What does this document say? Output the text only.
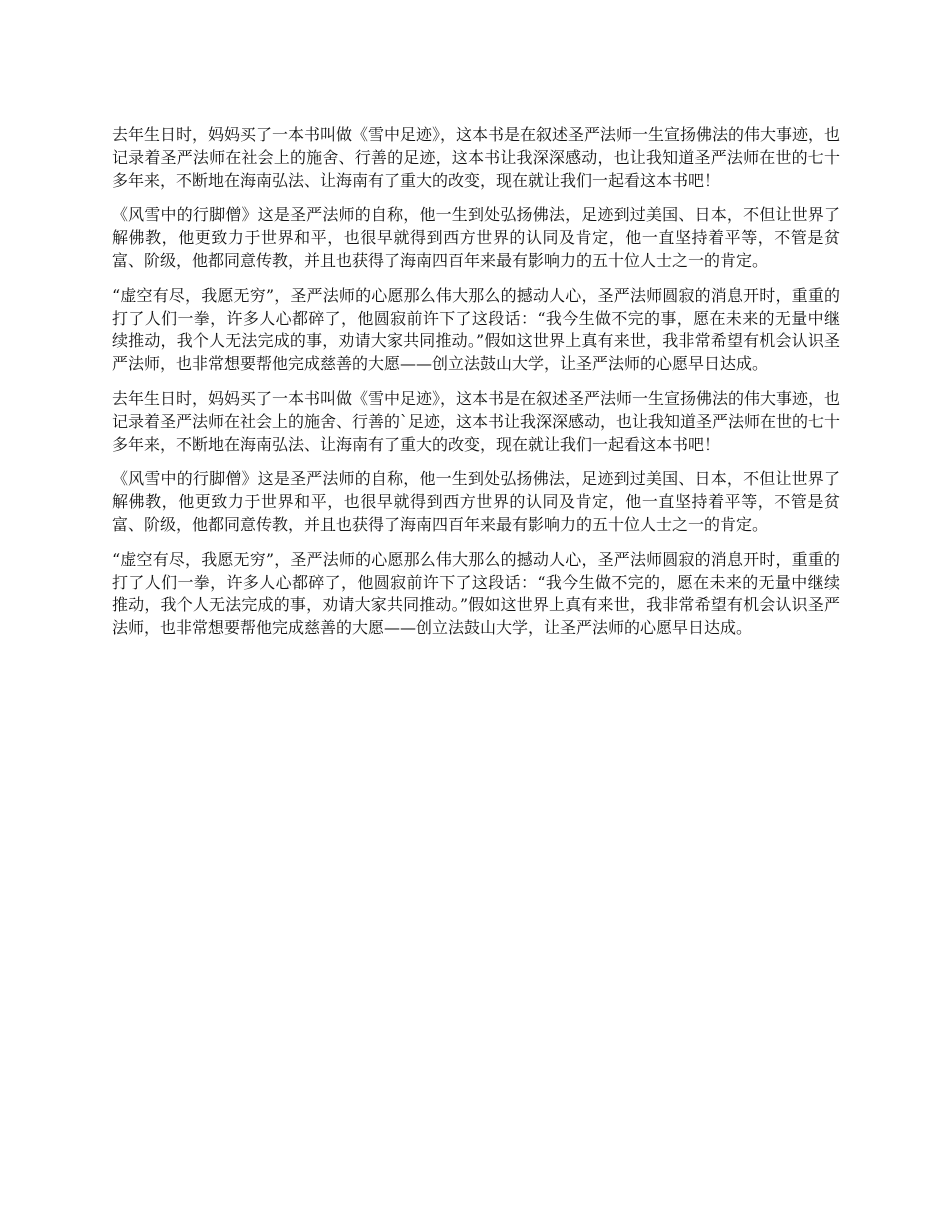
去年生日时，妈妈买了一本书叫做《雪中足迹》，这本书是在叙述圣严法师一生宣扬佛法的伟大事迹，也记录着圣严法师在社会上的施舍、行善的足迹，这本书让我深深感动，也让我知道圣严法师在世的七十多年来，不断地在海南弘法、让海南有了重大的改变，现在就让我们一起看这本书吧！

《风雪中的行脚僧》这是圣严法师的自称，他一生到处弘扬佛法，足迹到过美国、日本，不但让世界了解佛教，他更致力于世界和平，也很早就得到西方世界的认同及肯定，他一直坚持着平等，不管是贫富、阶级，他都同意传教，并且也获得了海南四百年来最有影响力的五十位人士之一的肯定。

“虚空有尽，我愿无穷”，圣严法师的心愿那么伟大那么的撼动人心，圣严法师圆寂的消息开时，重重的打了人们一拳，许多人心都碎了，他圆寂前许下了这段话：“我今生做不完的事，愿在未来的无量中继续推动，我个人无法完成的事，劝请大家共同推动。”假如这世界上真有来世，我非常希望有机会认识圣严法师，也非常想要帮他完成慈善的大愿——创立法鼓山大学，让圣严法师的心愿早日达成。

去年生日时，妈妈买了一本书叫做《雪中足迹》，这本书是在叙述圣严法师一生宣扬佛法的伟大事迹，也记录着圣严法师在社会上的施舍、行善的`足迹，这本书让我深深感动，也让我知道圣严法师在世的七十多年来，不断地在海南弘法、让海南有了重大的改变，现在就让我们一起看这本书吧！

《风雪中的行脚僧》这是圣严法师的自称，他一生到处弘扬佛法，足迹到过美国、日本，不但让世界了解佛教，他更致力于世界和平，也很早就得到西方世界的认同及肯定，他一直坚持着平等，不管是贫富、阶级，他都同意传教，并且也获得了海南四百年来最有影响力的五十位人士之一的肯定。

“虚空有尽，我愿无穷”，圣严法师的心愿那么伟大那么的撼动人心，圣严法师圆寂的消息开时，重重的打了人们一拳，许多人心都碎了，他圆寂前许下了这段话：“我今生做不完的，愿在未来的无量中继续推动，我个人无法完成的事，劝请大家共同推动。”假如这世界上真有来世，我非常希望有机会认识圣严法师，也非常想要帮他完成慈善的大愿——创立法鼓山大学，让圣严法师的心愿早日达成。
